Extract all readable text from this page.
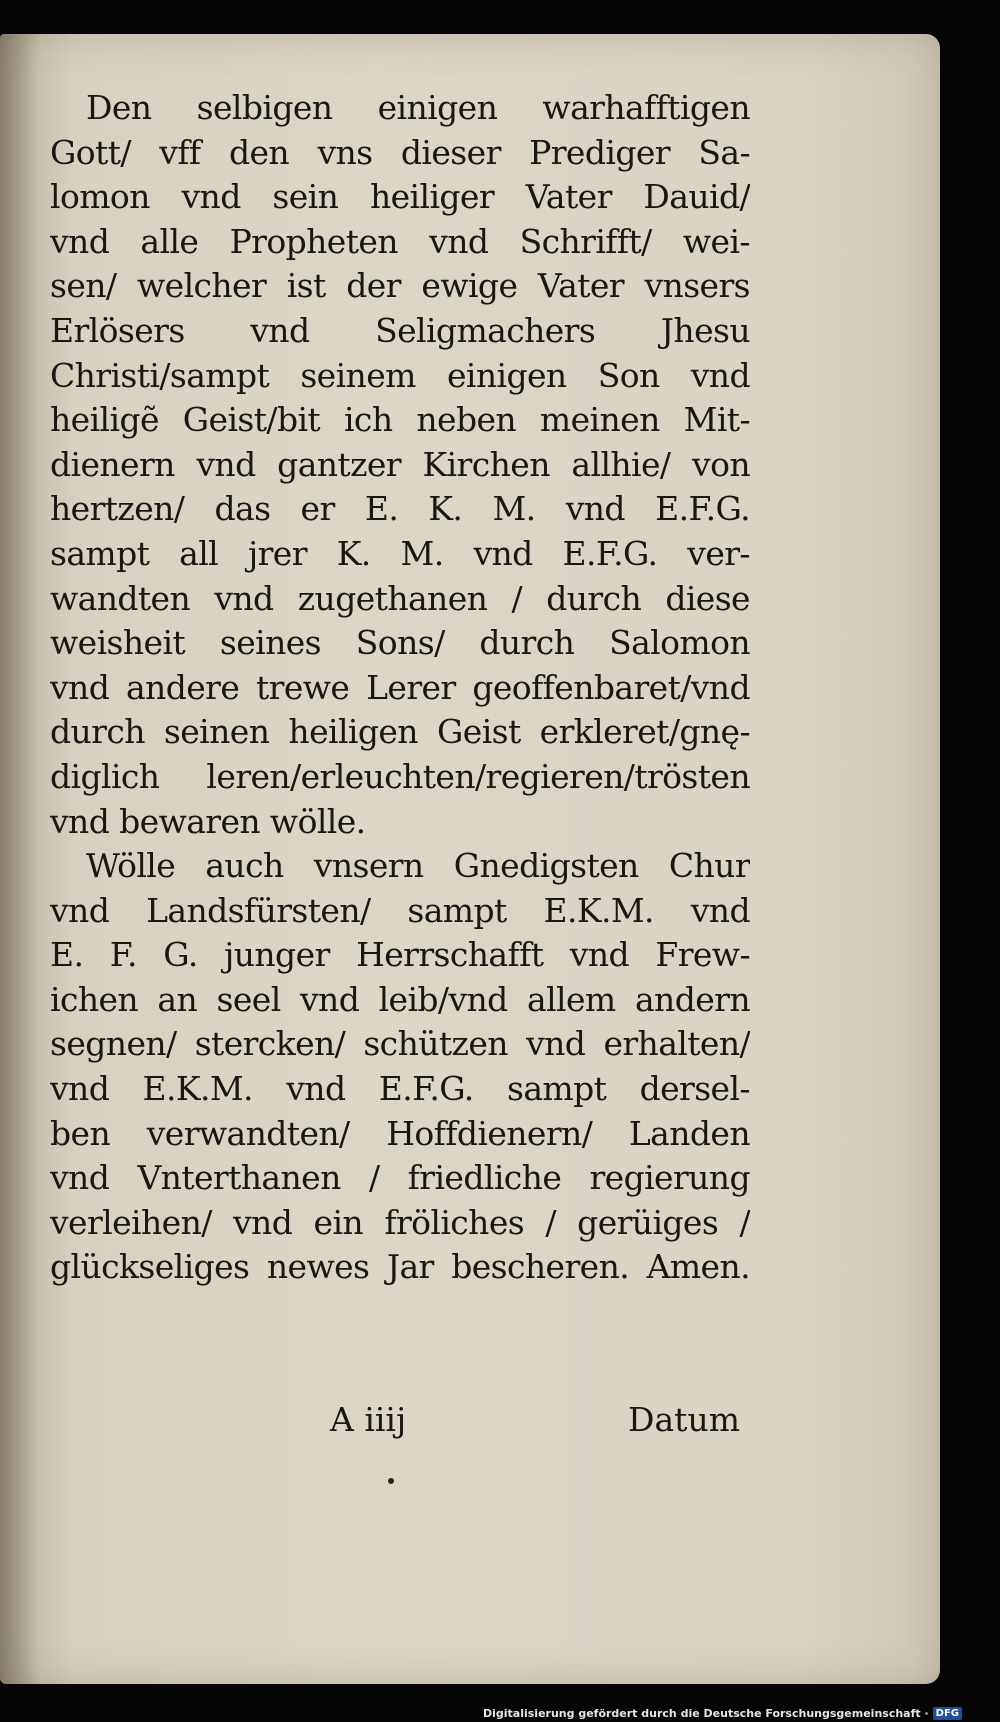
Den selbigen einigen warhafftigen
Gott/ vff den vns dieser Prediger Sa-
lomon vnd sein heiliger Vater Dauid/
vnd alle Propheten vnd Schrifft/ wei-
sen/ welcher ist der ewige Vater vnsers
Erlösers vnd Seligmachers Jhesu
Christi/sampt seinem einigen Son vnd
heiligẽ Geist/bit ich neben meinen Mit-
dienern vnd gantzer Kirchen allhie/ von
hertzen/ das er E. K. M. vnd E.F.G.
sampt all jrer K. M. vnd E.F.G. ver-
wandten vnd zugethanen / durch diese
weisheit seines Sons/ durch Salomon
vnd andere trewe Lerer geoffenbaret/vnd
durch seinen heiligen Geist erkleret/gnę-
diglich leren/erleuchten/regieren/trösten
vnd bewaren wölle.
Wölle auch vnsern Gnedigsten Chur
vnd Landsfürsten/ sampt E.K.M. vnd
E. F. G. junger Herrschafft vnd Frew-
ichen an seel vnd leib/vnd allem andern
segnen/ stercken/ schützen vnd erhalten/
vnd E.K.M. vnd E.F.G. sampt dersel-
ben verwandten/ Hoffdienern/ Landen
vnd Vnterthanen / friedliche regierung
verleihen/ vnd ein fröliches / gerüiges /
glückseliges newes Jar bescheren. Amen.
A iiij	Datum
Digitalisierung gefördert durch die Deutsche Forschungsgemeinschaft · DFG
